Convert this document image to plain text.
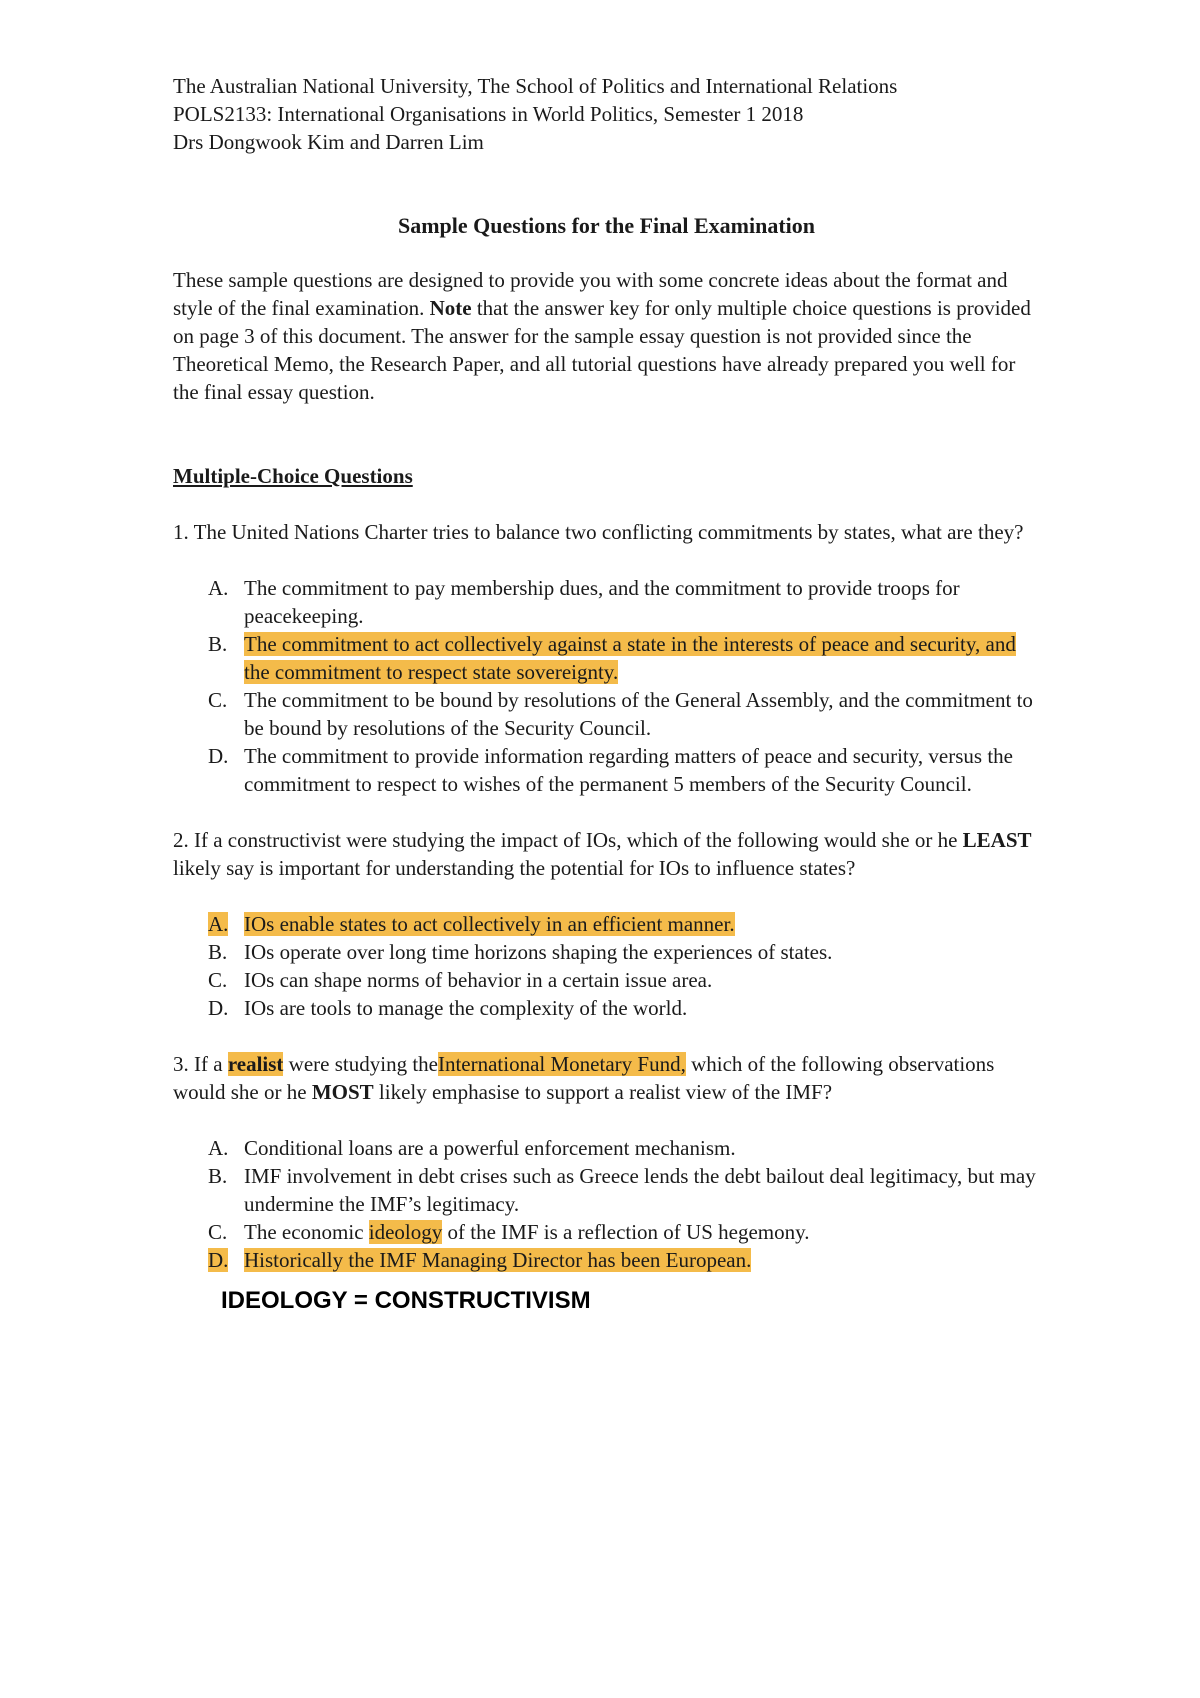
The Australian National University, The School of Politics and International Relations

POLS2133: International Organisations in World Politics, Semester 1 2018

Drs Dongwook Kim and Darren Lim

Sample Questions for the Final Examination

These sample questions are designed to provide you with some concrete ideas about the format and style of the final examination. Note that the answer key for only multiple choice questions is provided on page 3 of this document. The answer for the sample essay question is not provided since the Theoretical Memo, the Research Paper, and all tutorial questions have already prepared you well for the final essay question.

Multiple-Choice Questions

1. The United Nations Charter tries to balance two conflicting commitments by states, what are they?

A. The commitment to pay membership dues, and the commitment to provide troops for peacekeeping.
B. The commitment to act collectively against a state in the interests of peace and security, and the commitment to respect state sovereignty.
C. The commitment to be bound by resolutions of the General Assembly, and the commitment to be bound by resolutions of the Security Council.
D. The commitment to provide information regarding matters of peace and security, versus the commitment to respect to wishes of the permanent 5 members of the Security Council.

2. If a constructivist were studying the impact of IOs, which of the following would she or he LEAST likely say is important for understanding the potential for IOs to influence states?

A. IOs enable states to act collectively in an efficient manner.
B. IOs operate over long time horizons shaping the experiences of states.
C. IOs can shape norms of behavior in a certain issue area.
D. IOs are tools to manage the complexity of the world.

3. If a realist were studying theInternational Monetary Fund, which of the following observations would she or he MOST likely emphasise to support a realist view of the IMF?

A. Conditional loans are a powerful enforcement mechanism.
B. IMF involvement in debt crises such as Greece lends the debt bailout deal legitimacy, but may undermine the IMF’s legitimacy.
C. The economic ideology of the IMF is a reflection of US hegemony.
D. Historically the IMF Managing Director has been European.

IDEOLOGY = CONSTRUCTIVISM
